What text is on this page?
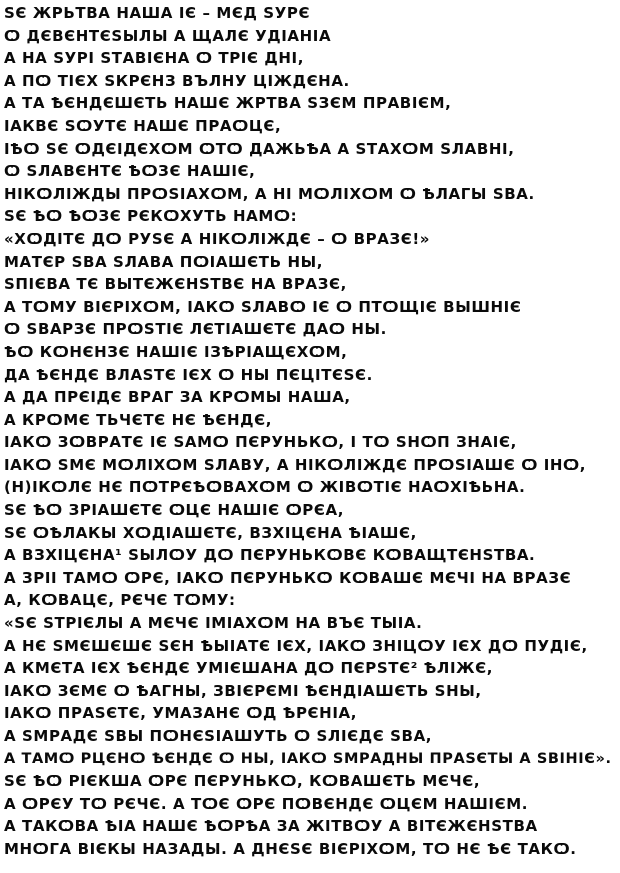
ЅЄ ЖРЬТВА НАША ІЄ – МЄД ЅУРЄ
Ѻ ДЄВЄНТЄЅЫЛЫ А ЩАЛЄ УДІАНІА
А НА ЅУРІ ЅТАВІЄНА Ѻ ТРІЄ ДНІ,
А ПѺ ТІЄХ ЅКРЄНЗ ВЪЛНУ ЦІЖДЄНА.
А ТА ѢЄНДЄШЄТЬ НАШЄ ЖРТВА ЅЗЄМ ПРАВІЄМ,
ІАКВЄ ЅѺУТЄ НАШЄ ПРАѺЦЄ,
ІѢѺ ЅЄ ѺДЄІДЄХѺМ ѺТѺ ДАЖЬѢА А ЅТАХѺМ ЅЛАВНІ,
Ѻ ЅЛАВЄНТЄ ѢѺЗЄ НАШІЄ,
НІКѺЛІЖДЫ ПРѺЅІАХѺМ, А НІ МѺЛІХѺМ Ѻ ѢЛАГЫ ЅВА.
ЅЄ ѢѺ ѢѺЗЄ РЄКѺХУТЬ НАМѺ:
«ХѺДІТЄ ДѺ РУЅЄ А НІКѺЛІЖДЄ – Ѻ ВРАЗЄ!»
МАТЄР ЅВА ЅЛАВА ПѺІАШЄТЬ НЫ,
ЅПІЄВА ТЄ ВЫТЄЖЄНЅТВЄ НА ВРАЗЄ,
А ТѺМУ ВІЄРІХѺМ, ІАКѺ ЅЛАВѺ ІЄ Ѻ ПТѺЩІЄ ВЫШНІЄ
Ѻ ЅВАРЗЄ ПРѺЅТІЄ ЛЄТІАШЄТЄ ДАѺ НЫ.
ѢѺ КѺНЄНЗЄ НАШІЄ ІЗѢРІАЩЄХѺМ,
ДА ѢЄНДЄ ВЛАЅТЄ ІЄХ Ѻ НЫ ПЄЦІТЄЅЄ.
А ДА ПРЄІДЄ ВРАГ ЗА КРѺМЫ НАША,
А КРѺМЄ ТЬЧЄТЄ НЄ ѢЄНДЄ,
ІАКѺ ЗѺВРАТЄ ІЄ ЅАМѺ ПЄРУНЬКѺ, І ТѺ ЅНѺП ЗНАІЄ,
ІАКѺ ЅМЄ МѺЛІХѺМ ЅЛАВУ, А НІКѺЛІЖДЄ ПРѺЅІАШЄ Ѻ ІНѺ,
(Н)ІКѺЛЄ НЄ ПѺТРЄѢѺВАХѺМ Ѻ ЖІВѺТІЄ НАѺХІѢЬНА.
ЅЄ ѢѺ ЗРІАШЄТЄ ѺЦЄ НАШІЄ ѺРЄА,
ЅЄ ѺѢЛАКЫ ХѺДІАШЄТЄ, ВЗХІЦЄНА ѢІАШЄ,
А ВЗХІЦЄНА¹ ЅЫЛѺУ ДѺ ПЄРУНЬКѺВЄ КѺВАЩТЄНЅТВА.
А ЗРІІ ТАМѺ ѺРЄ, ІАКѺ ПЄРУНЬКѺ КѺВАШЄ МЄЧІ НА ВРАЗЄ
А, КѺВАЦЄ, РЄЧЄ ТѺМУ:
«ЅЄ ЅТРІЄЛЫ А МЄЧЄ ІМІАХѺМ НА ВЪЄ ТЫІА.
А НЄ ЅМЄШЄШЄ ЅЄН ѢЫІАТЄ ІЄХ, ІАКѺ ЗНІЦѺУ ІЄХ ДѺ ПУДІЄ,
А КМЄТА ІЄХ ѢЄНДЄ УМІЄШАНА ДѺ ПЄРЅТЄ² ѢЛІЖЄ,
ІАКѺ ЗЄМЄ Ѻ ѢАГНЫ, ЗВІЄРЄМІ ѢЄНДІАШЄТЬ ЅНЫ,
ІАКѺ ПРАЅЄТЄ, УМАЗАНЄ ѺД ѢРЄНІА,
А ЅМРАДЄ ЅВЫ ПѺНЄЅІАШУТЬ Ѻ ЅЛІЄДЄ ЅВА,
А ТАМѺ РЦЄНѺ ѢЄНДЄ Ѻ НЫ, ІАКѺ ЅМРАДНЫ ПРАЅЄТЫ А ЅВІНІЄ».
ЅЄ ѢѺ РІЄКША ѺРЄ ПЄРУНЬКѺ, КѺВАШЄТЬ МЄЧЄ,
А ѺРЄУ ТѺ РЄЧЄ. А ТѺЄ ѺРЄ ПѺВЄНДЄ ѺЦЄМ НАШІЄМ.
А ТАКѺВА ѢІА НАШЄ ѢѺРѢА ЗА ЖІТВѺУ А ВІТЄЖЄНЅТВА
МНѺГА ВІЄКЫ НАЗАДЫ. А ДНЄЅЄ ВІЄРІХѺМ, ТѺ НЄ ѢЄ ТАКѺ.
